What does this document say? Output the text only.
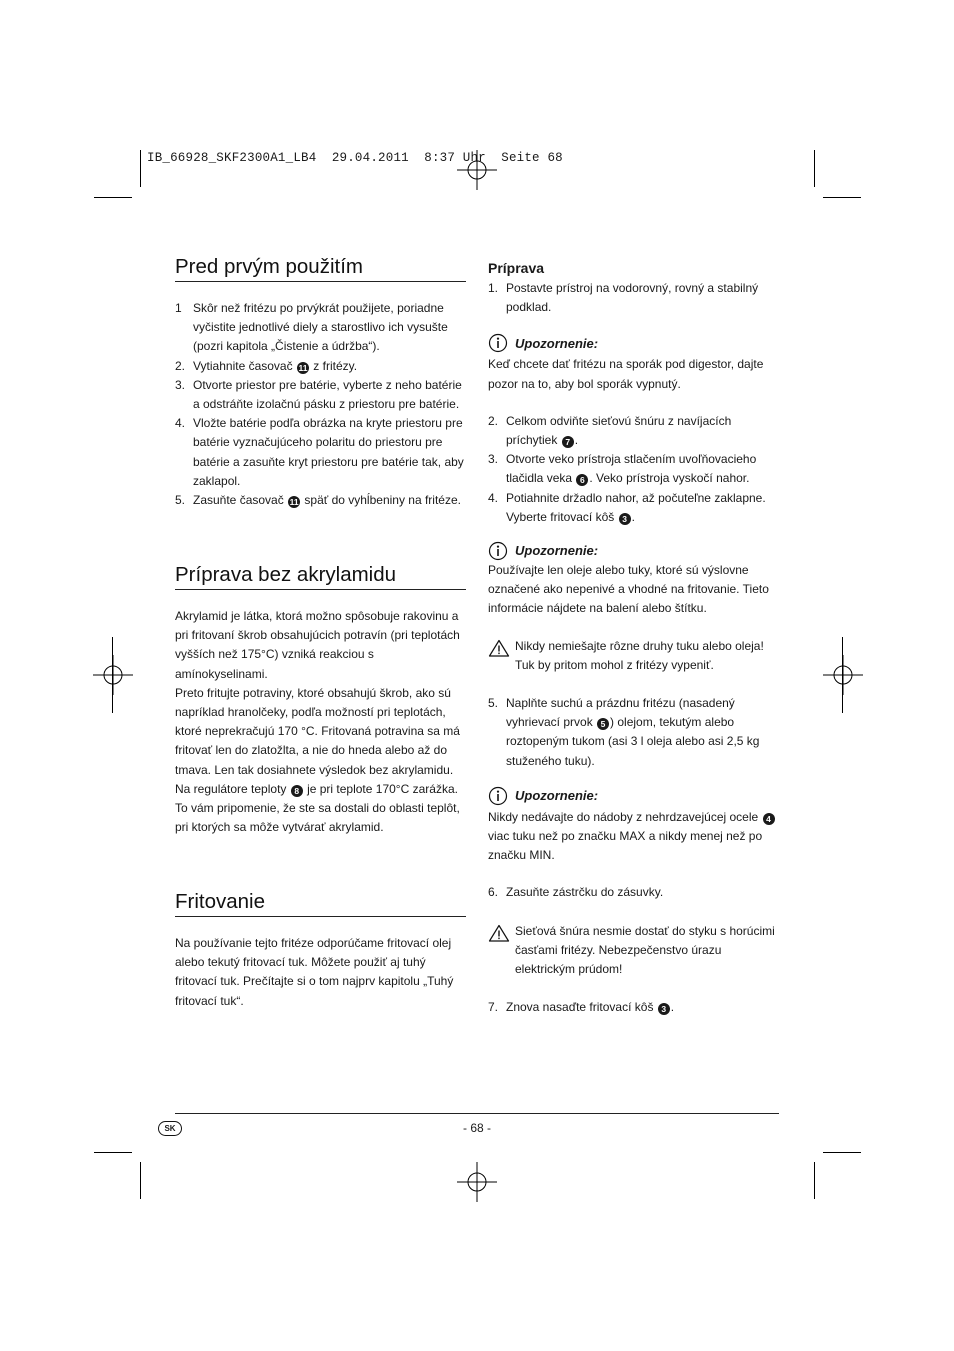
IB_66928_SKF2300A1_LB4  29.04.2011  8:37 Uhr  Seite 68
Pred prvým použitím
1 Skôr než fritézu po prvýkrát použijete, poriadne vyčistite jednotlivé diely a starostlivo ich vysušte (pozri kapitola „Čistenie a údržba“).
2. Vytiahnite časovač 11 z fritézy.
3. Otvorte priestor pre batérie, vyberte z neho batérie a odstráňte izolačnú pásku z priestoru pre batérie.
4. Vložte batérie podľa obrázka na kryte priestoru pre batérie vyznačujúceho polaritu do priestoru pre batérie a zasuňte kryt priestoru pre batérie tak, aby zaklapol.
5. Zasuňte časovač 11 späť do vyhĺbeniny na fritéze.
Príprava bez akrylamidu

Akrylamid je látka, ktorá možno spôsobuje rakovinu a pri fritovaní škrob obsahujúcich potravín (pri teplotách vyšších než 175°C) vzniká reakciou s amínokyselinami.

Preto fritujte potraviny, ktoré obsahujú škrob, ako sú napríklad hranolčeky, podľa možností pri teplotách, ktoré neprekračujú 170 °C. Fritovaná potravina sa má fritovať len do zlatožlta, a nie do hneda alebo až do tmava. Len tak dosiahnete výsledok bez akrylamidu.

Na regulátore teploty 8 je pri teplote 170°C zarážka. To vám pripomenie, že ste sa dostali do oblasti teplôt, pri ktorých sa môže vytvárať akrylamid.

Fritovanie

Na používanie tejto fritéze odporúčame fritovací olej alebo tekutý fritovací tuk. Môžete použiť aj tuhý fritovací tuk. Prečítajte si o tom najprv kapitolu „Tuhý fritovací tuk“.

Príprava

1. Postavte prístroj na vodorovný, rovný a stabilný podklad.
Upozornenie:

Keď chcete dať fritézu na sporák pod digestor, dajte pozor na to, aby bol sporák vypnutý.

2. Celkom odviňte sieťovú šnúru z navíjacích príchytiek 7 .
3. Otvorte veko prístroja stlačením uvoľňovacieho tlačidla veka 6 . Veko prístroja vyskočí nahor.
4. Potiahnite držadlo nahor, až počuteľne zaklapne. Vyberte fritovací kôš 3 .
Upozornenie:

Používajte len oleje alebo tuky, ktoré sú výslovne označené ako nepenivé a vhodné na fritovanie. Tieto informácie nájdete na balení alebo štítku.

Nikdy nemiešajte rôzne druhy tuku alebo oleja! Tuk by pritom mohol z fritézy vypeniť.
5. Naplňte suchú a prázdnu fritézu (nasadený vyhrievací prvok 5 ) olejom, tekutým alebo roztopeným tukom (asi 3 l oleja alebo asi 2,5 kg stuženého tuku).
Upozornenie:

Nikdy nedávajte do nádoby z nehrdzavejúcej ocele 4 viac tuku než po značku MAX a nikdy menej než po značku MIN.

6. Zasuňte zástrčku do zásuvky.
Sieťová šnúra nesmie dostať do styku s horúcimi časťami fritézy. Nebezpečenstvo úrazu elektrickým prúdom!
7. Znova nasaďte fritovací kôš 3 .
SK	- 68 -
